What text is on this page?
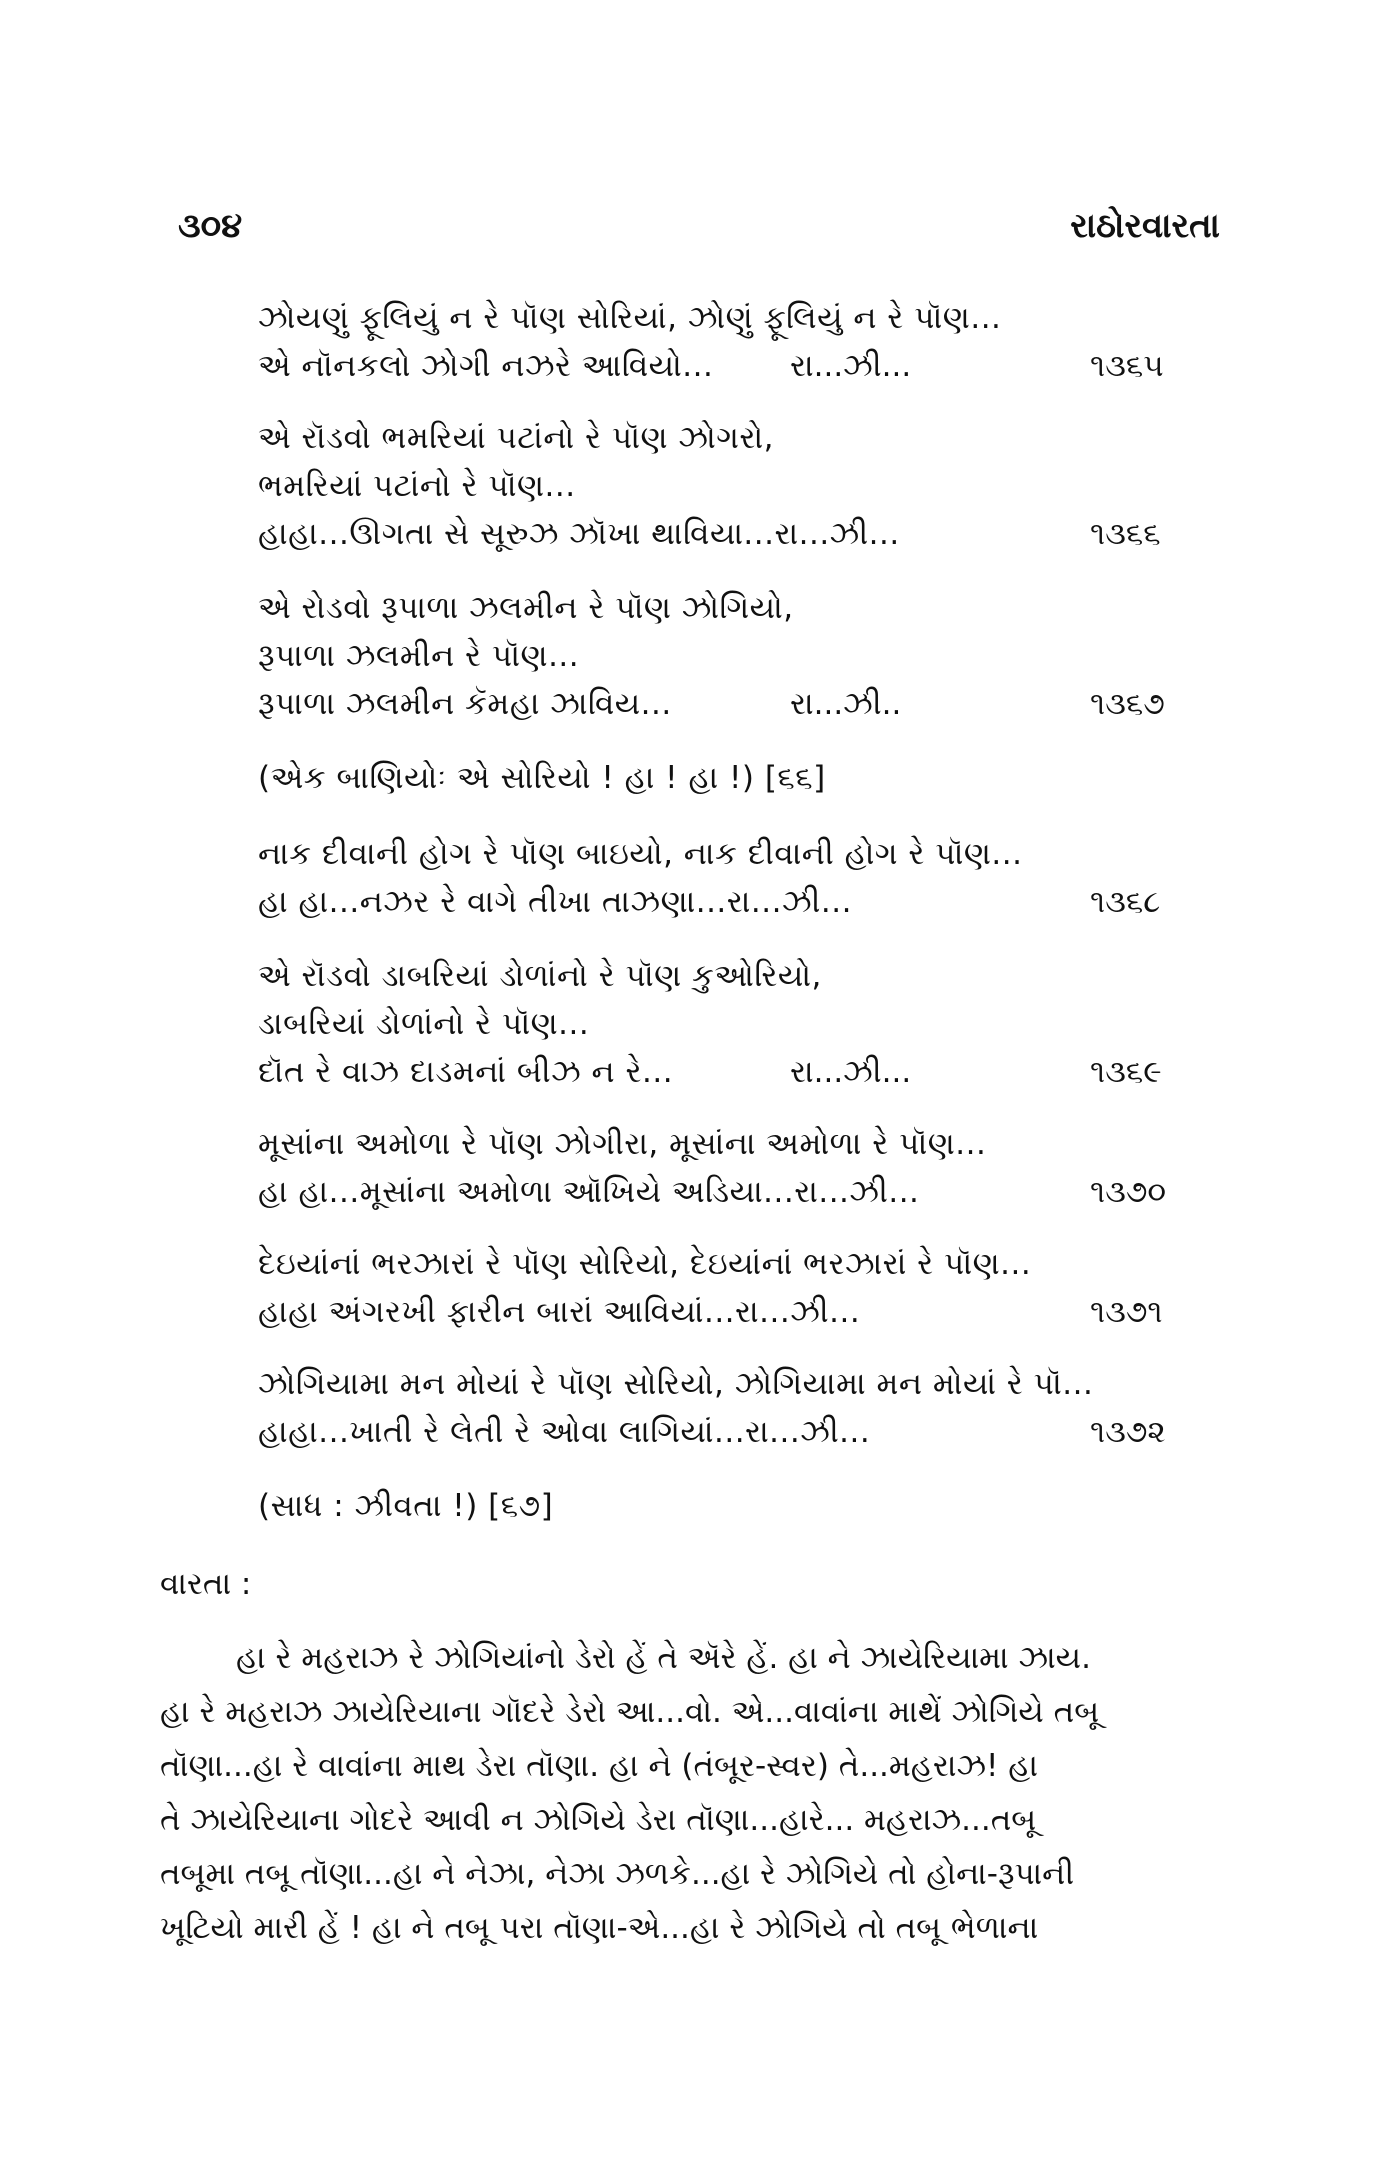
૩૦૪	રાઠોરવારતા
ઝોયણું ફૂલિયું ન રે પૉણ સોરિયાં, ઝોણું ફૂલિયું ન રે પૉણ...
એ નૉનકલો ઝોગી નઝરે આવિયો... રા...ઝી...	૧૩૬૫
એ રૉડવો ભમરિયાં પટાંનો રે પૉણ ઝોગરો,
ભમરિયાં પટાંનો રે પૉણ...
હાહા...ઊગતા સે સૂરુઝ ઝૉખા થાવિયા...રા...ઝી...	૧૩૬૬
એ રોડવો રૂપાળા ઝલમીન રે પૉણ ઝોગિયો,
રૂપાળા ઝલમીન રે પૉણ...
રૂપાળા ઝલમીન કૅમહા ઝાવિય...	રા...ઝી..	૧૩૬૭
(એક બાણિયોઃ એ સોરિયો ! હા ! હા !) [૬૬]
નાક દીવાની હોગ રે પૉણ બાઇયો, નાક દીવાની હોગ રે પૉણ...
હા હા...નઝર રે વાગે તીખા તાઝણા...રા...ઝી...	૧૩૬૮
એ રૉડવો ડાબરિયાં ડોળાંનો રે પૉણ કુઓરિયો,
ડાબરિયાં ડોળાંનો રે પૉણ...
દૉત રે વાઝ દાડમનાં બીઝ ન રે...	રા...ઝી...	૧૩૬૯
મૂસાંના અમોળા રે પૉણ ઝોગીરા, મૂસાંના અમોળા રે પૉણ...
હા હા...મૂસાંના અમોળા ઑખિયે અડિયા...રા...ઝી...	૧૩૭૦
દેઇયાંનાં ભરઝારાં રે પૉણ સોરિયો, દેઇયાંનાં ભરઝારાં રે પૉણ...
હાહા અંગરખી ફારીન બારાં આવિયાં...રા...ઝી...	૧૩૭૧
ઝોગિયામા મન મોયાં રે પૉણ સોરિયો, ઝોગિયામા મન મોયાં રે પૉ...
હાહા...ખાતી રે લેતી રે ઓવા લાગિયાં...રા...ઝી...	૧૩૭૨
(સાધ : ઝીવતા !) [૬૭]
વારતા :
હા રે મહરાઝ રે ઝોગિયાંનો ડેરો હેં તે ઍરે હેં. હા ને ઝાયેરિયામા ઝાય.
હા રે મહરાઝ ઝાયેરિયાના ગૉદરે ડેરો આ...વો. એ...વાવાંના માથેં ઝોગિયે તબૂ
તૉણા...હા રે વાવાંના માથ ડેરા તૉણા. હા ને (તંબૂર-સ્વર) તે...મહરાઝ! હા
તે ઝાયેરિયાના ગોદરે આવી ન ઝોગિયે ડેરા તૉણા...હારે... મહરાઝ...તબૂ
તબૂમા તબૂ તૉણા...હા ને નેઝા, નેઝા ઝળકે...હા રે ઝોગિયે તો હોના-રૂપાની
ખૂટિયો મારી હેં ! હા ને તબૂ પરા તૉણા-એ...હા રે ઝોગિયે તો તબૂ ભેળાના
